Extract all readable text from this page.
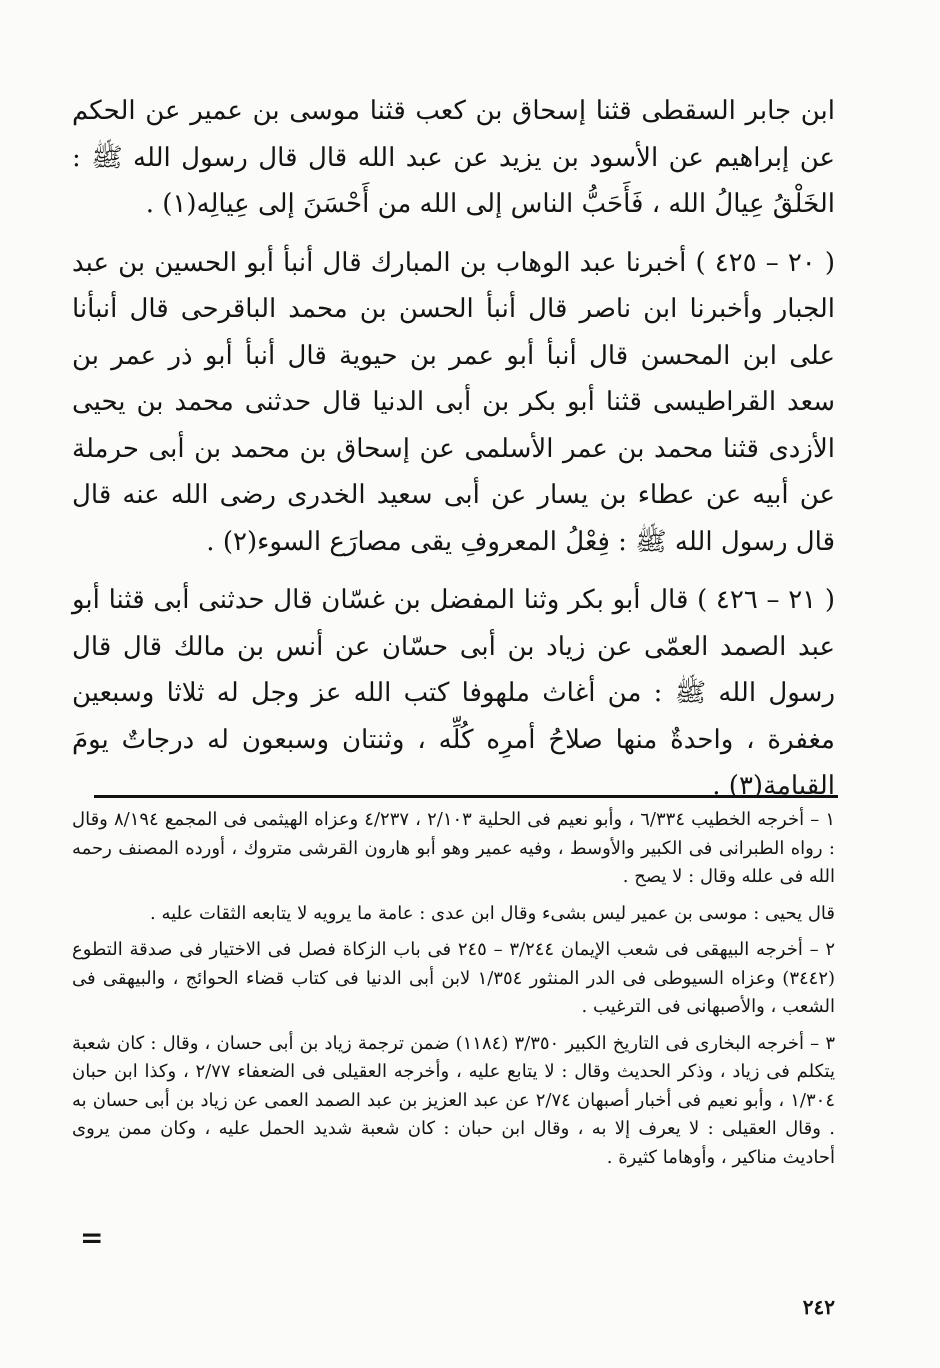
ابن جابر السقطى قثنا إسحاق بن كعب قثنا موسى بن عمير عن الحكم عن إبراهيم عن الأسود بن يزيد عن عبد الله قال قال رسول الله ﷺ : الخَلْقُ عِيالُ الله ، فَأَحَبُّ الناس إلى الله من أَحْسَنَ إلى عِيالِه(١) .

( ٢٠ – ٤٢٥ ) أخبرنا عبد الوهاب بن المبارك قال أنبأ أبو الحسين بن عبد الجبار وأخبرنا ابن ناصر قال أنبأ الحسن بن محمد الباقرحى قال أنبأنا على ابن المحسن قال أنبأ أبو عمر بن حيوية قال أنبأ أبو ذر عمر بن سعد القراطيسى قثنا أبو بكر بن أبى الدنيا قال حدثنى محمد بن يحيى الأزدى قثنا محمد بن عمر الأسلمى عن إسحاق بن محمد بن أبى حرملة عن أبيه عن عطاء بن يسار عن أبى سعيد الخدرى رضى الله عنه قال قال رسول الله ﷺ : فِعْلُ المعروفِ يقى مصارَع السوء(٢) .

( ٢١ – ٤٢٦ ) قال أبو بكر وثنا المفضل بن غسّان قال حدثنى أبى قثنا أبو عبد الصمد العمّى عن زياد بن أبى حسّان عن أنس بن مالك قال قال رسول الله ﷺ : من أغاث ملهوفا كتب الله عز وجل له ثلاثا وسبعين مغفرة ، واحدةٌ منها صلاحُ أمرِه كُلِّه ، وثنتان وسبعون له درجاتٌ يومَ القيامة(٣) .

١ – أخرجه الخطيب ٦/٣٣٤ ، وأبو نعيم فى الحلية ٢/١٠٣ ، ٤/٢٣٧ وعزاه الهيثمى فى المجمع ٨/١٩٤ وقال : رواه الطبرانى فى الكبير والأوسط ، وفيه عمير وهو أبو هارون القرشى متروك ، أورده المصنف رحمه الله فى علله وقال : لا يصح .

قال يحيى : موسى بن عمير ليس بشىء وقال ابن عدى : عامة ما يرويه لا يتابعه الثقات عليه .

٢ – أخرجه البيهقى فى شعب الإيمان ٣/٢٤٤ – ٢٤٥ فى باب الزكاة فصل فى الاختيار فى صدقة التطوع (٣٤٤٢) وعزاه السيوطى فى الدر المنثور ١/٣٥٤ لابن أبى الدنيا فى كتاب قضاء الحوائج ، والبيهقى فى الشعب ، والأصبهانى فى الترغيب .

٣ – أخرجه البخارى فى التاريخ الكبير ٣/٣٥٠ (١١٨٤) ضمن ترجمة زياد بن أبى حسان ، وقال : كان شعبة يتكلم فى زياد ، وذكر الحديث وقال : لا يتابع عليه ، وأخرجه العقيلى فى الضعفاء ٢/٧٧ ، وكذا ابن حبان ١/٣٠٤ ، وأبو نعيم فى أخبار أصبهان ٢/٧٤ عن عبد العزيز بن عبد الصمد العمى عن زياد بن أبى حسان به . وقال العقيلى : لا يعرف إلا به ، وقال ابن حبان : كان شعبة شديد الحمل عليه ، وكان ممن يروى أحاديث مناكير ، وأوهاما كثيرة .

=
٢٤٢
